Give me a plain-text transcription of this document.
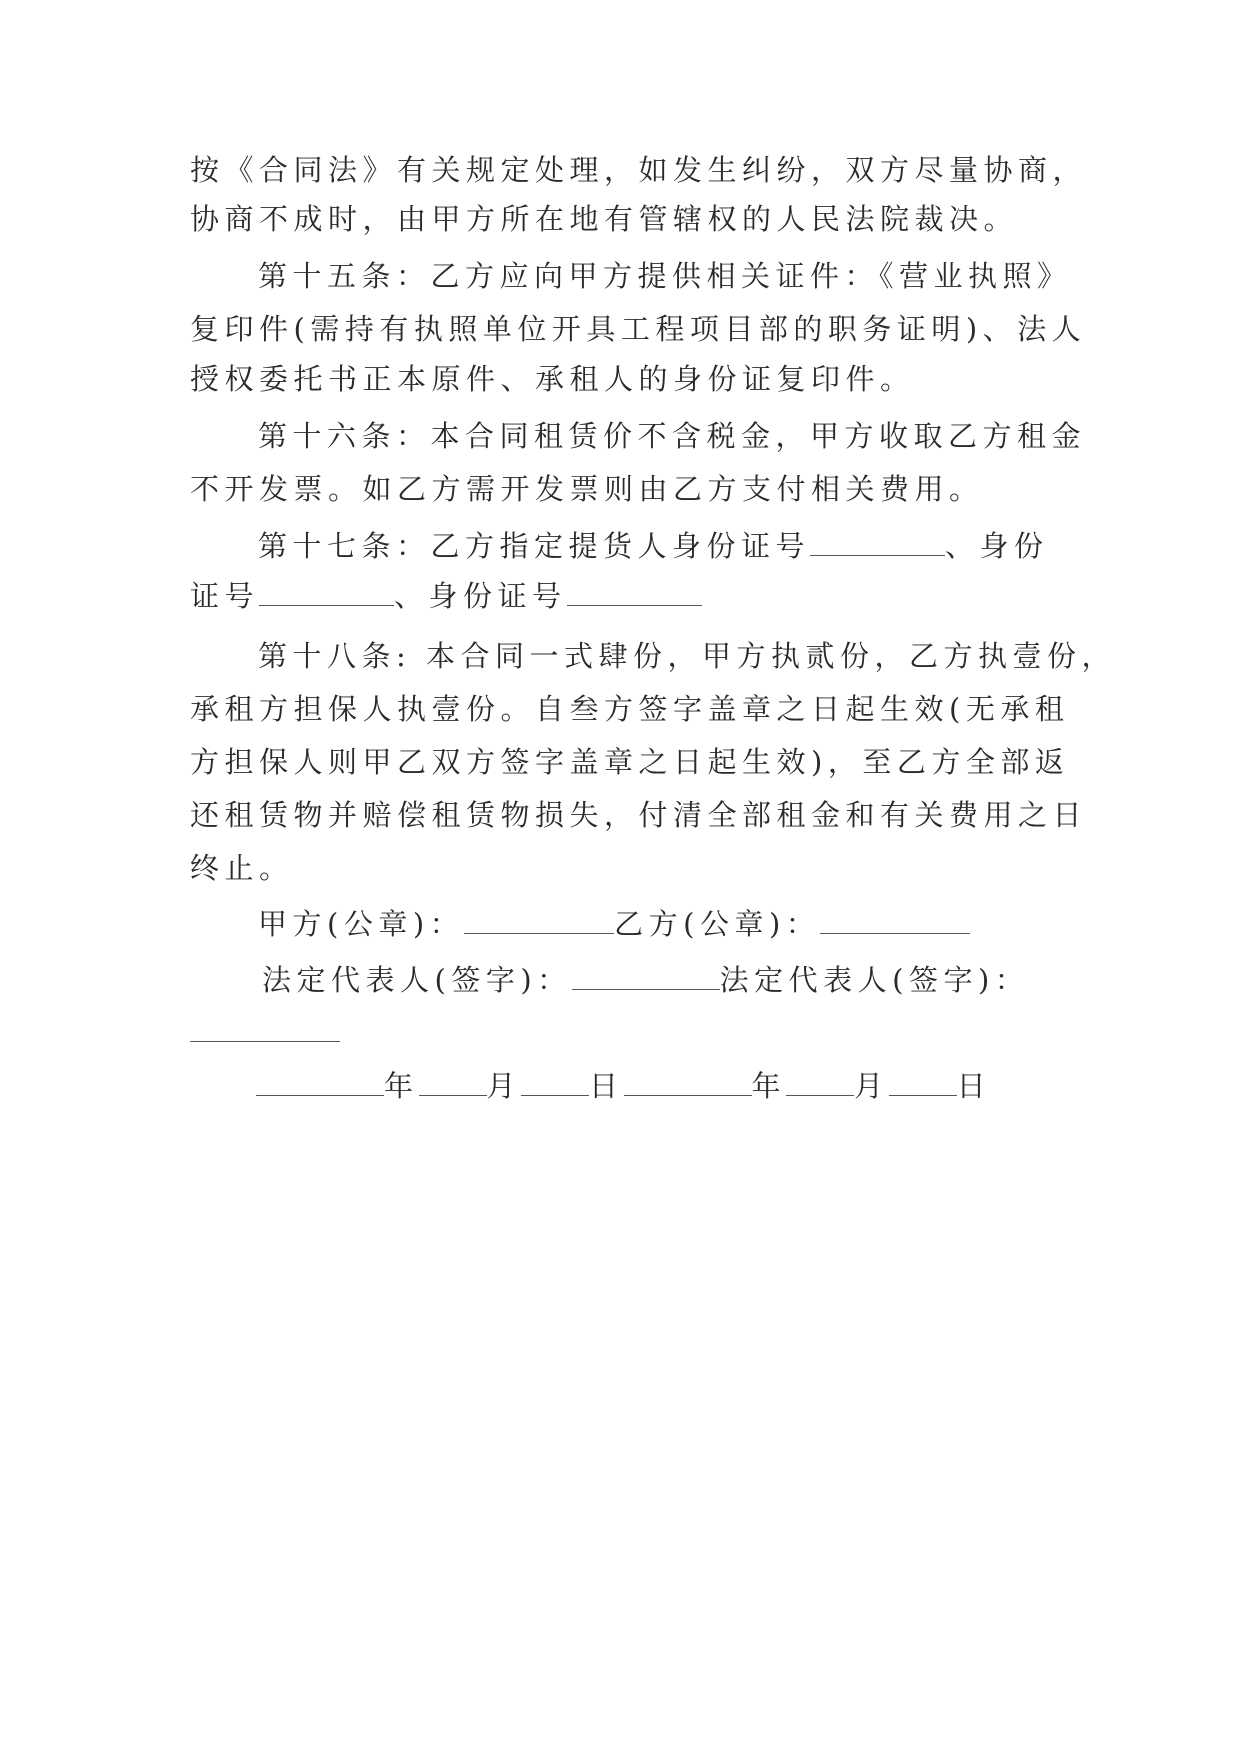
按《合同法》有关规定处理，如发生纠纷，双方尽量协商，
协商不成时，由甲方所在地有管辖权的人民法院裁决。
第十五条：乙方应向甲方提供相关证件：《营业执照》
复印件(需持有执照单位开具工程项目部的职务证明)、法人
授权委托书正本原件、承租人的身份证复印件。
第十六条：本合同租赁价不含税金，甲方收取乙方租金
不开发票。如乙方需开发票则由乙方支付相关费用。
第十七条：乙方指定提货人身份证号	、身份
证号	、身份证号
第十八条: 本合同一式肆份，甲方执贰份，乙方执壹份，
承租方担保人执壹份。自叁方签字盖章之日起生效(无承租
方担保人则甲乙双方签字盖章之日起生效)，至乙方全部返
还租赁物并赔偿租赁物损失，付清全部租金和有关费用之日
终止。
甲方(公章)：	乙方(公章)：
法定代表人(签字)：	法定代表人(签字)：
年 月 日	年 月 日
